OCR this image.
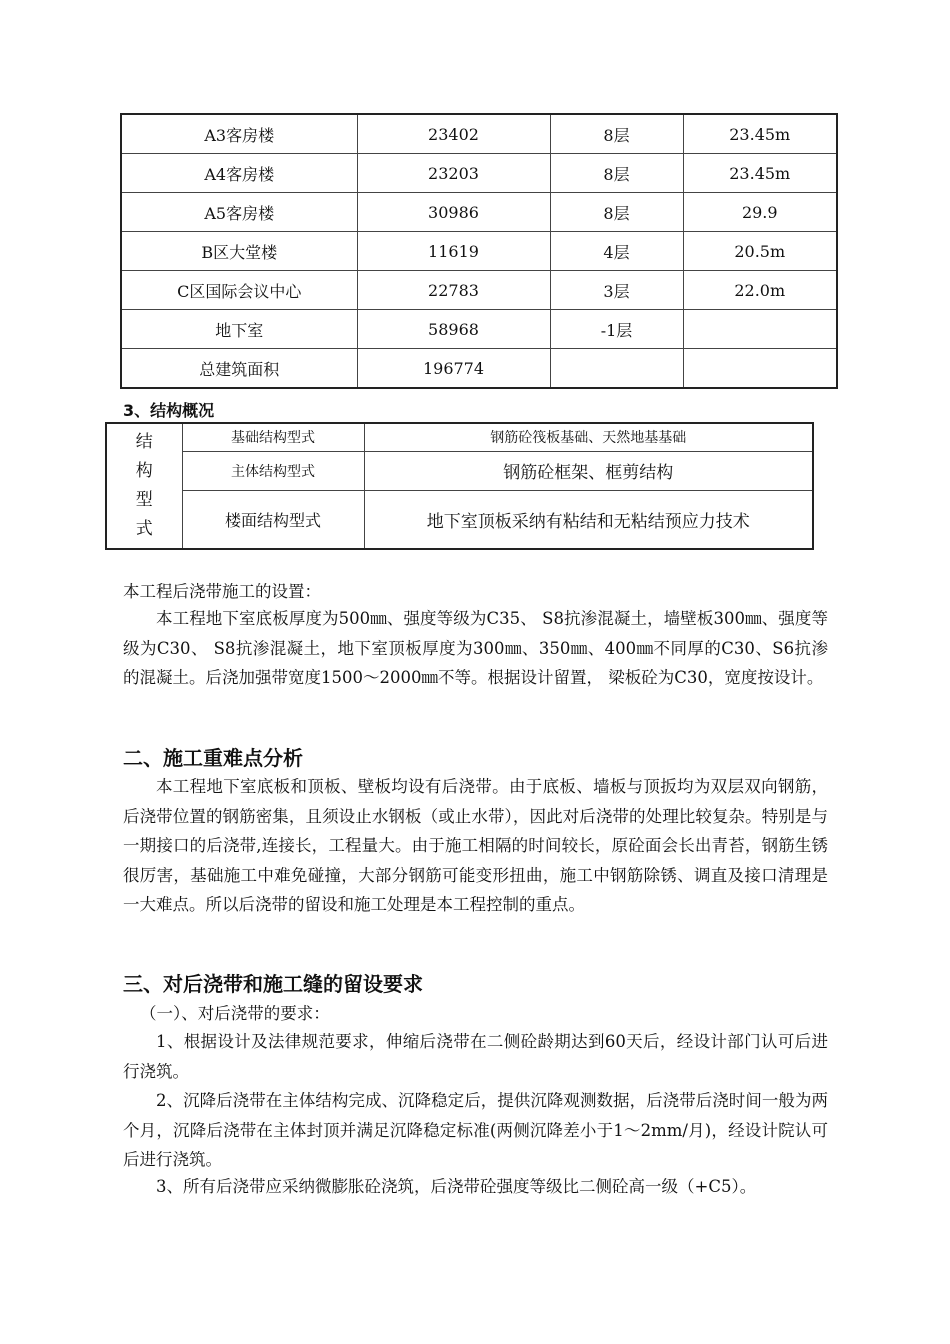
A3客房楼	23402	8层	23.45m
A4客房楼	23203	8层	23.45m
A5客房楼	30986	8层	29.9
B区大堂楼	11619	4层	20.5m
C区国际会议中心	22783	3层	22.0m
地下室	58968	-1层	
总建筑面积	196774		

3、结构概况

结
构
型
式	基础结构型式	钢筋砼筏板基础、天然地基基础
	主体结构型式	钢筋砼框架、框剪结构
	楼面结构型式	地下室顶板采纳有粘结和无粘结预应力技术

本工程后浇带施工的设置：

本工程地下室底板厚度为500㎜、强度等级为C35、 S8抗渗混凝土，墙壁板300㎜、强度等级为C30、 S8抗渗混凝土，地下室顶板厚度为300㎜、350㎜、400㎜不同厚的C30、S6抗渗的混凝土。后浇加强带宽度1500～2000㎜不等。根据设计留置， 梁板砼为C30，宽度按设计。

二、施工重难点分析

本工程地下室底板和顶板、壁板均设有后浇带。由于底板、墙板与顶扳均为双层双向钢筋，后浇带位置的钢筋密集，且须设止水钢板（或止水带），因此对后浇带的处理比较复杂。特别是与一期接口的后浇带,连接长，工程量大。由于施工相隔的时间较长，原砼面会长出青苔，钢筋生锈很厉害，基础施工中难免碰撞，大部分钢筋可能变形扭曲，施工中钢筋除锈、调直及接口清理是一大难点。所以后浇带的留设和施工处理是本工程控制的重点。

三、对后浇带和施工缝的留设要求

（一）、对后浇带的要求：

1、根据设计及法律规范要求，伸缩后浇带在二侧砼龄期达到60天后，经设计部门认可后进行浇筑。

2、沉降后浇带在主体结构完成、沉降稳定后，提供沉降观测数据，后浇带后浇时间一般为两个月，沉降后浇带在主体封顶并满足沉降稳定标准(两侧沉降差小于1～2mm/月)，经设计院认可后进行浇筑。

3、所有后浇带应采纳微膨胀砼浇筑，后浇带砼强度等级比二侧砼高一级（+C5）。
